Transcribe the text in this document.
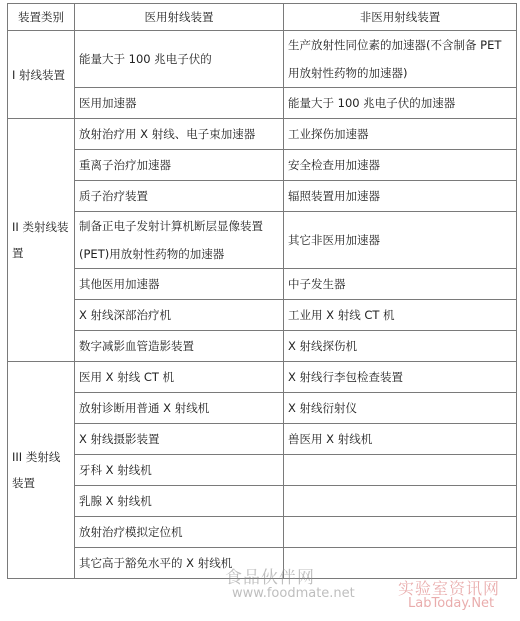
装置类别	医用射线装置	非医用射线装置
I 射线装置	能量大于 100 兆电子伏的	生产放射性同位素的加速器(不含制备 PET 用放射性药物的加速器)
	医用加速器	能量大于 100 兆电子伏的加速器
II 类射线装置	放射治疗用 X 射线、电子束加速器	工业探伤加速器
	重离子治疗加速器	安全检查用加速器
	质子治疗装置	辐照装置用加速器
	制备正电子发射计算机断层显像装置(PET)用放射性药物的加速器	其它非医用加速器
	其他医用加速器	中子发生器
	X 射线深部治疗机	工业用 X 射线 CT 机
	数字减影血管造影装置	X 射线探伤机
III 类射线装置	医用 X 射线 CT 机	X 射线行李包检查装置
	放射诊断用普通 X 射线机	X 射线衍射仪
	X 射线摄影装置	兽医用 X 射线机
	牙科 X 射线机	
	乳腺 X 射线机	
	放射治疗模拟定位机	
	其它高于豁免水平的 X 射线机	
食品伙伴网
www.foodmate.net	实验室资讯网
LabToday.Net
